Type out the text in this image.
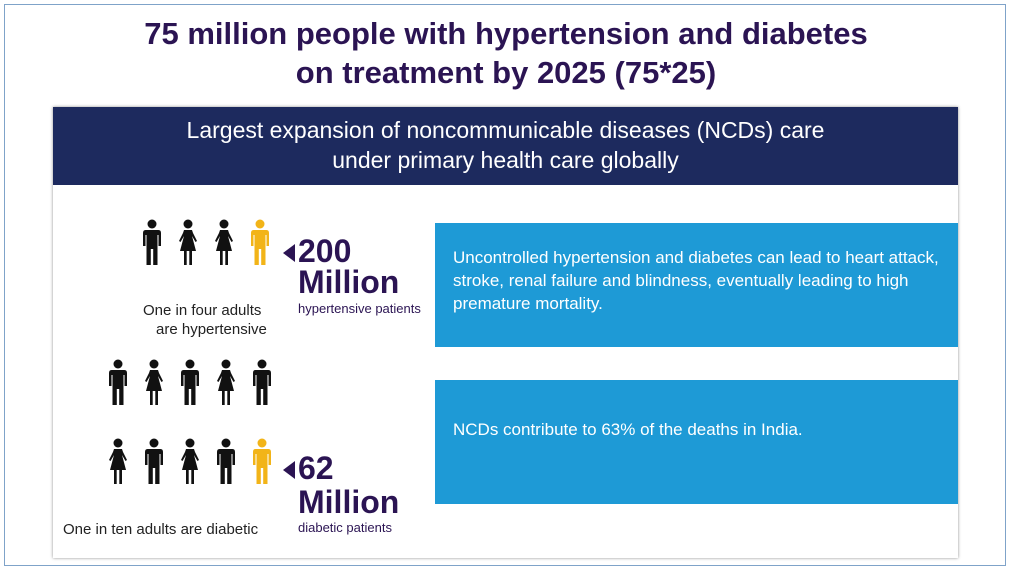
75 million people with hypertension and diabetes
on treatment by 2025 (75*25)
Largest expansion of noncommunicable diseases (NCDs) care
under primary health care globally
200
Million
hypertensive patients
One in four adults
are hypertensive
Uncontrolled hypertension and diabetes can lead to heart attack, stroke, renal failure and blindness, eventually leading to high premature mortality.
62
Million
diabetic patients
One in ten adults are diabetic
NCDs contribute to 63% of the deaths in India.
